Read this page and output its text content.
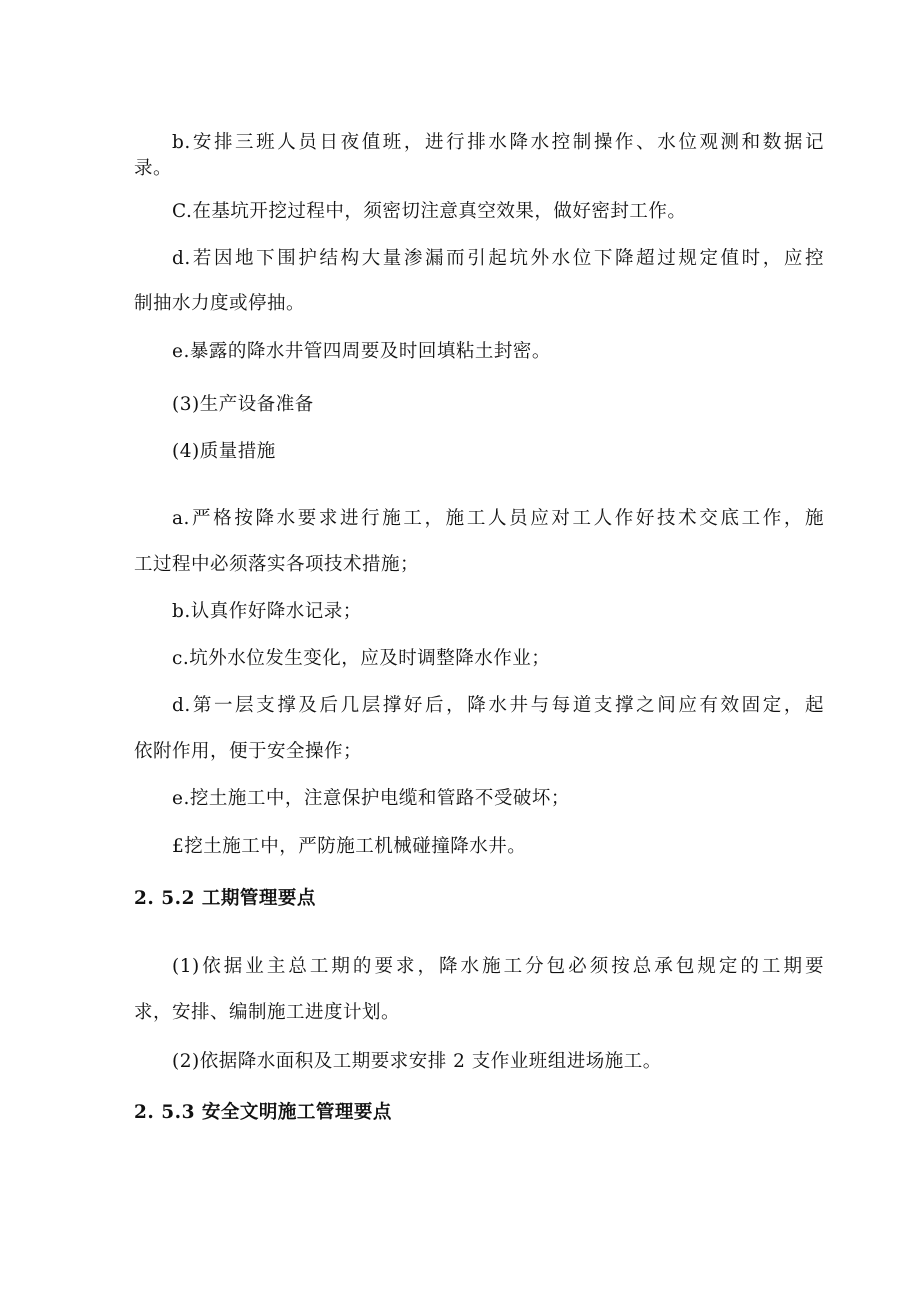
b.安排三班人员日夜值班，进行排水降水控制操作、水位观测和数据记
录。
C.在基坑开挖过程中，须密切注意真空效果，做好密封工作。
d.若因地下围护结构大量渗漏而引起坑外水位下降超过规定值时，应控
制抽水力度或停抽。
e.暴露的降水井管四周要及时回填粘土封密。
(3)生产设备准备
(4)质量措施
a.严格按降水要求进行施工，施工人员应对工人作好技术交底工作，施
工过程中必须落实各项技术措施；
b.认真作好降水记录；
c.坑外水位发生变化，应及时调整降水作业；
d.第一层支撑及后几层撑好后，降水井与每道支撑之间应有效固定，起
依附作用，便于安全操作；
e.挖土施工中，注意保护电缆和管路不受破坏；
£挖土施工中，严防施工机械碰撞降水井。
2. 5.2 工期管理要点
(1)依据业主总工期的要求，降水施工分包必须按总承包规定的工期要
求，安排、编制施工进度计划。
(2)依据降水面积及工期要求安排 2 支作业班组进场施工。
2. 5.3 安全文明施工管理要点
